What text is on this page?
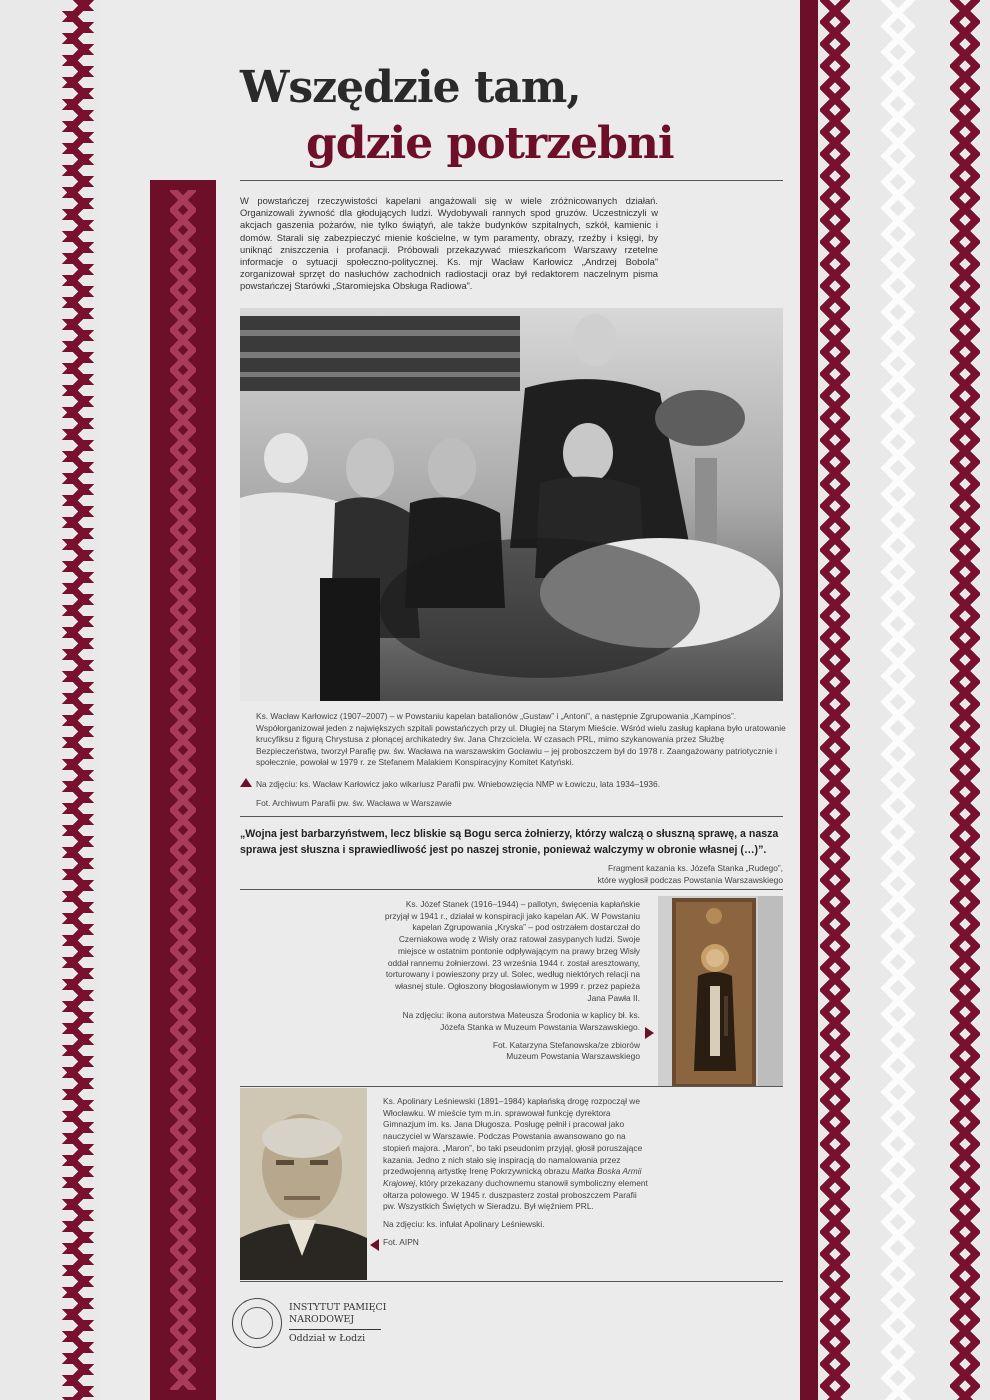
Wszędzie tam,
gdzie potrzebni
W powstańczej rzeczywistości kapelani angażowali się w wiele zróżnicowanych działań. Organizowali żywność dla głodujących ludzi. Wydobywali rannych spod gruzów. Uczestniczyli w akcjach gaszenia pożarów, nie tylko świątyń, ale także budynków szpitalnych, szkół, kamienic i domów. Starali się zabezpieczyć mienie kościelne, w tym paramenty, obrazy, rzeźby i księgi, by uniknąć zniszczenia i profanacji. Próbowali przekazywać mieszkańcom Warszawy rzetelne informacje o sytuacji społeczno-politycznej. Ks. mjr Wacław Karłowicz „Andrzej Bobola” zorganizował sprzęt do nasłuchów zachodnich radiostacji oraz był redaktorem naczelnym pisma powstańczej Starówki „Staromiejska Obsługa Radiowa”.
Ks. Wacław Karłowicz (1907–2007) – w Powstaniu kapelan batalionów „Gustaw” i „Antoni”, a następnie Zgrupowania „Kampinos”. Współorganizował jeden z największych szpitali powstańczych przy ul. Długiej na Starym Mieście. Wśród wielu zasług kapłana było uratowanie krucyfiksu z figurą Chrystusa z płonącej archikatedry św. Jana Chrzciciela. W czasach PRL, mimo szykanowania przez Służbę Bezpieczeństwa, tworzył Parafię pw. św. Wacława na warszawskim Gocławiu – jej proboszczem był do 1978 r. Zaangażowany patriotycznie i społecznie, powołał w 1979 r. ze Stefanem Malakiem Konspiracyjny Komitet Katyński.
Na zdjęciu: ks. Wacław Karłowicz jako wikariusz Parafii pw. Wniebowzięcia NMP w Łowiczu, lata 1934–1936.
Fot. Archiwum Parafii pw. św. Wacława w Warszawie
„Wojna jest barbarzyństwem, lecz bliskie są Bogu serca żołnierzy, którzy walczą o słuszną sprawę, a nasza sprawa jest słuszna i sprawiedliwość jest po naszej stronie, ponieważ walczymy w obronie własnej (…)”.
Fragment kazania ks. Józefa Stanka „Rudego”,
które wygłosił podczas Powstania Warszawskiego

Ks. Józef Stanek (1916–1944) – pallotyn, święcenia kapłańskie przyjął w 1941 r., działał w konspiracji jako kapelan AK. W Powstaniu kapelan Zgrupowania „Kryska” – pod ostrzałem dostarczał do Czerniakowa wodę z Wisły oraz ratował zasypanych ludzi. Swoje miejsce w ostatnim pontonie odpływającym na prawy brzeg Wisły oddał rannemu żołnierzowi. 23 września 1944 r. został aresztowany, torturowany i powieszony przy ul. Solec, według niektórych relacji na własnej stule. Ogłoszony błogosławionym w 1999 r. przez papieża Jana Pawła II.

Na zdjęciu: ikona autorstwa Mateusza Środonia w kaplicy bł. ks. Józefa Stanka w Muzeum Powstania Warszawskiego.

Fot. Katarzyna Stefanowska/ze zbiorów
Muzeum Powstania Warszawskiego

Ks. Apolinary Leśniewski (1891–1984) kapłańską drogę rozpoczął we Włocławku. W mieście tym m.in. sprawował funkcję dyrektora Gimnazjum im. ks. Jana Długosza. Posługę pełnił i pracował jako nauczyciel w Warszawie. Podczas Powstania awansowano go na stopień majora. „Maron”, bo taki pseudonim przyjął, głosił poruszające kazania. Jedno z nich stało się inspiracją do namalowania przez przedwojenną artystkę Irenę Pokrzywnicką obrazu Matka Boska Armii Krajowej, który przekazany duchownemu stanowił symboliczny element ołtarza polowego. W 1945 r. duszpasterz został proboszczem Parafii pw. Wszystkich Świętych w Sieradzu. Był więźniem PRL.

Na zdjęciu: ks. infułat Apolinary Leśniewski.

Fot. AIPN

INSTYTUT PAMIĘCI
NARODOWEJ
Oddział w Łodzi
